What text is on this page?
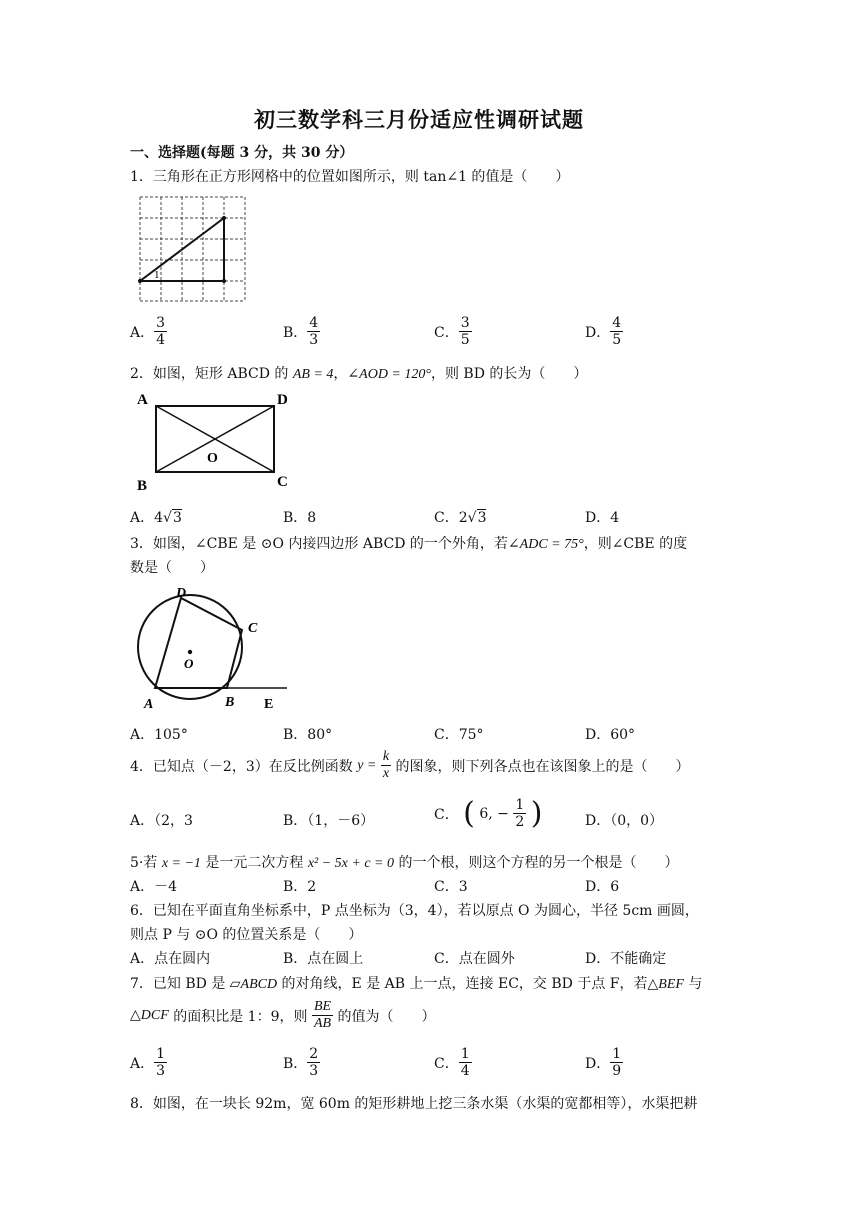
初三数学科三月份适应性调研试题
一、选择题(每题 3 分，共 30 分）
1．三角形在正方形网格中的位置如图所示，则 tan∠1 的值是（　　）
1
A． $\frac{3}{4}$	B． $\frac{4}{3}$	C． $\frac{3}{5}$	D． $\frac{4}{5}$
2．如图，矩形 ABCD 的 AB = 4，∠AOD = 120°，则 BD 的长为（　　）
A	D
B	C
O
A．4√3	B．8	C．2√3	D．4
3．如图，∠CBE 是 ⊙O 内接四边形 ABCD 的一个外角，若∠ADC = 75°，则∠CBE 的度
数是（　　）
A	B
C
D
O
E
A．105°	B．80°	C．75°	D．60°
4．已知点（－2，3）在反比例函数 $y = \frac{k}{x}$ 的图象，则下列各点也在该图象上的是（　　）
A．（2，3	B．（1，－6）	C． ( 6, − $\frac{1}{2}$ )	D．（0，0）
5·若 x = −1 是一元二次方程 x² − 5x + c = 0 的一个根，则这个方程的另一个根是（　　）
A．－4	B．2	C．3	D．6
6．已知在平面直角坐标系中，P 点坐标为（3，4），若以原点 O 为圆心，半径 5cm 画圆，
则点 P 与 ⊙O 的位置关系是（　　）
A．点在圆内	B．点在圆上	C．点在圆外	D．不能确定
7．已知 BD 是 ▱ABCD 的对角线，E 是 AB 上一点，连接 EC，交 BD 于点 F，若△BEF 与
△DCF 的面积比是 1：9，则 $\frac{BE}{AB}$ 的值为（　　）
A． $\frac{1}{3}$	B． $\frac{2}{3}$	C． $\frac{1}{4}$	D． $\frac{1}{9}$
8．如图，在一块长 92m，宽 60m 的矩形耕地上挖三条水渠（水渠的宽都相等），水渠把耕
